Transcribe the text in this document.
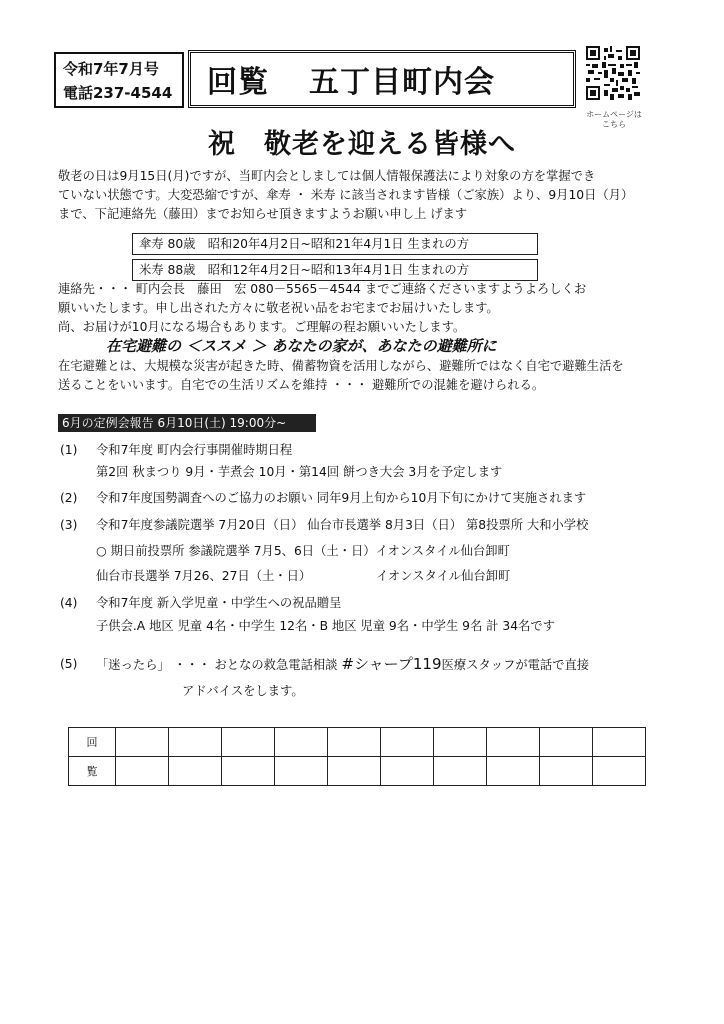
令和7年7月号
電話237-4544	回覧 五丁目町内会
ホームページは
こちら
祝　敬老を迎える皆様へ
敬老の日は9月15日(月)ですが、当町内会としましては個人情報保護法により対象の方を掌握でき
ていない状態です。大変恐縮ですが、傘寿 ・ 米寿 に該当されます皆様（ご家族）より、9月10日（月）
まで、下記連絡先（藤田）までお知らせ頂きますようお願い申し上 げます
傘寿 80歳　昭和20年4月2日~昭和21年4月1日 生まれの方
米寿 88歳　昭和12年4月2日~昭和13年4月1日 生まれの方
連絡先・・・ 町内会長　藤田　宏 080－5565－4544 までご連絡くださいますようよろしくお
願いいたします。申し出された方々に敬老祝い品をお宅までお届けいたします。
尚、お届けが10月になる場合もあります。ご理解の程お願いいたします。
在宅避難の ＜ススメ ＞ あなたの家が、あなたの避難所に
在宅避難とは、大規模な災害が起きた時、備蓄物資を活用しながら、避難所ではなく自宅で避難生活を
送ることをいいます。自宅での生活リズムを維持 ・・・ 避難所での混雑を避けられる。
6月の定例会報告 6月10日(土) 19:00分~
(1) 令和7年度 町内会行事開催時期日程
第2回 秋まつり 9月・芋煮会 10月・第14回 餅つき大会 3月を予定します
(2) 令和7年度国勢調査へのご協力のお願い 同年9月上旬から10月下旬にかけて実施されます
(3) 令和7年度参議院選挙 7月20日（日） 仙台市長選挙 8月3日（日） 第8投票所 大和小学校
○ 期日前投票所 参議院選挙 7月5、6日（土・日）イオンスタイル仙台卸町
仙台市長選挙 7月26、27日（土・日）	イオンスタイル仙台卸町
(4) 令和7年度 新入学児童・中学生への祝品贈呈
子供会.A 地区 児童 4名・中学生 12名・B 地区 児童 9名・中学生 9名 計 34名です
(5) 「迷ったら」 ・・・ おとなの救急電話相談 #シャープ119医療スタッフが電話で直接
アドバイスをします。
回										
覧										
